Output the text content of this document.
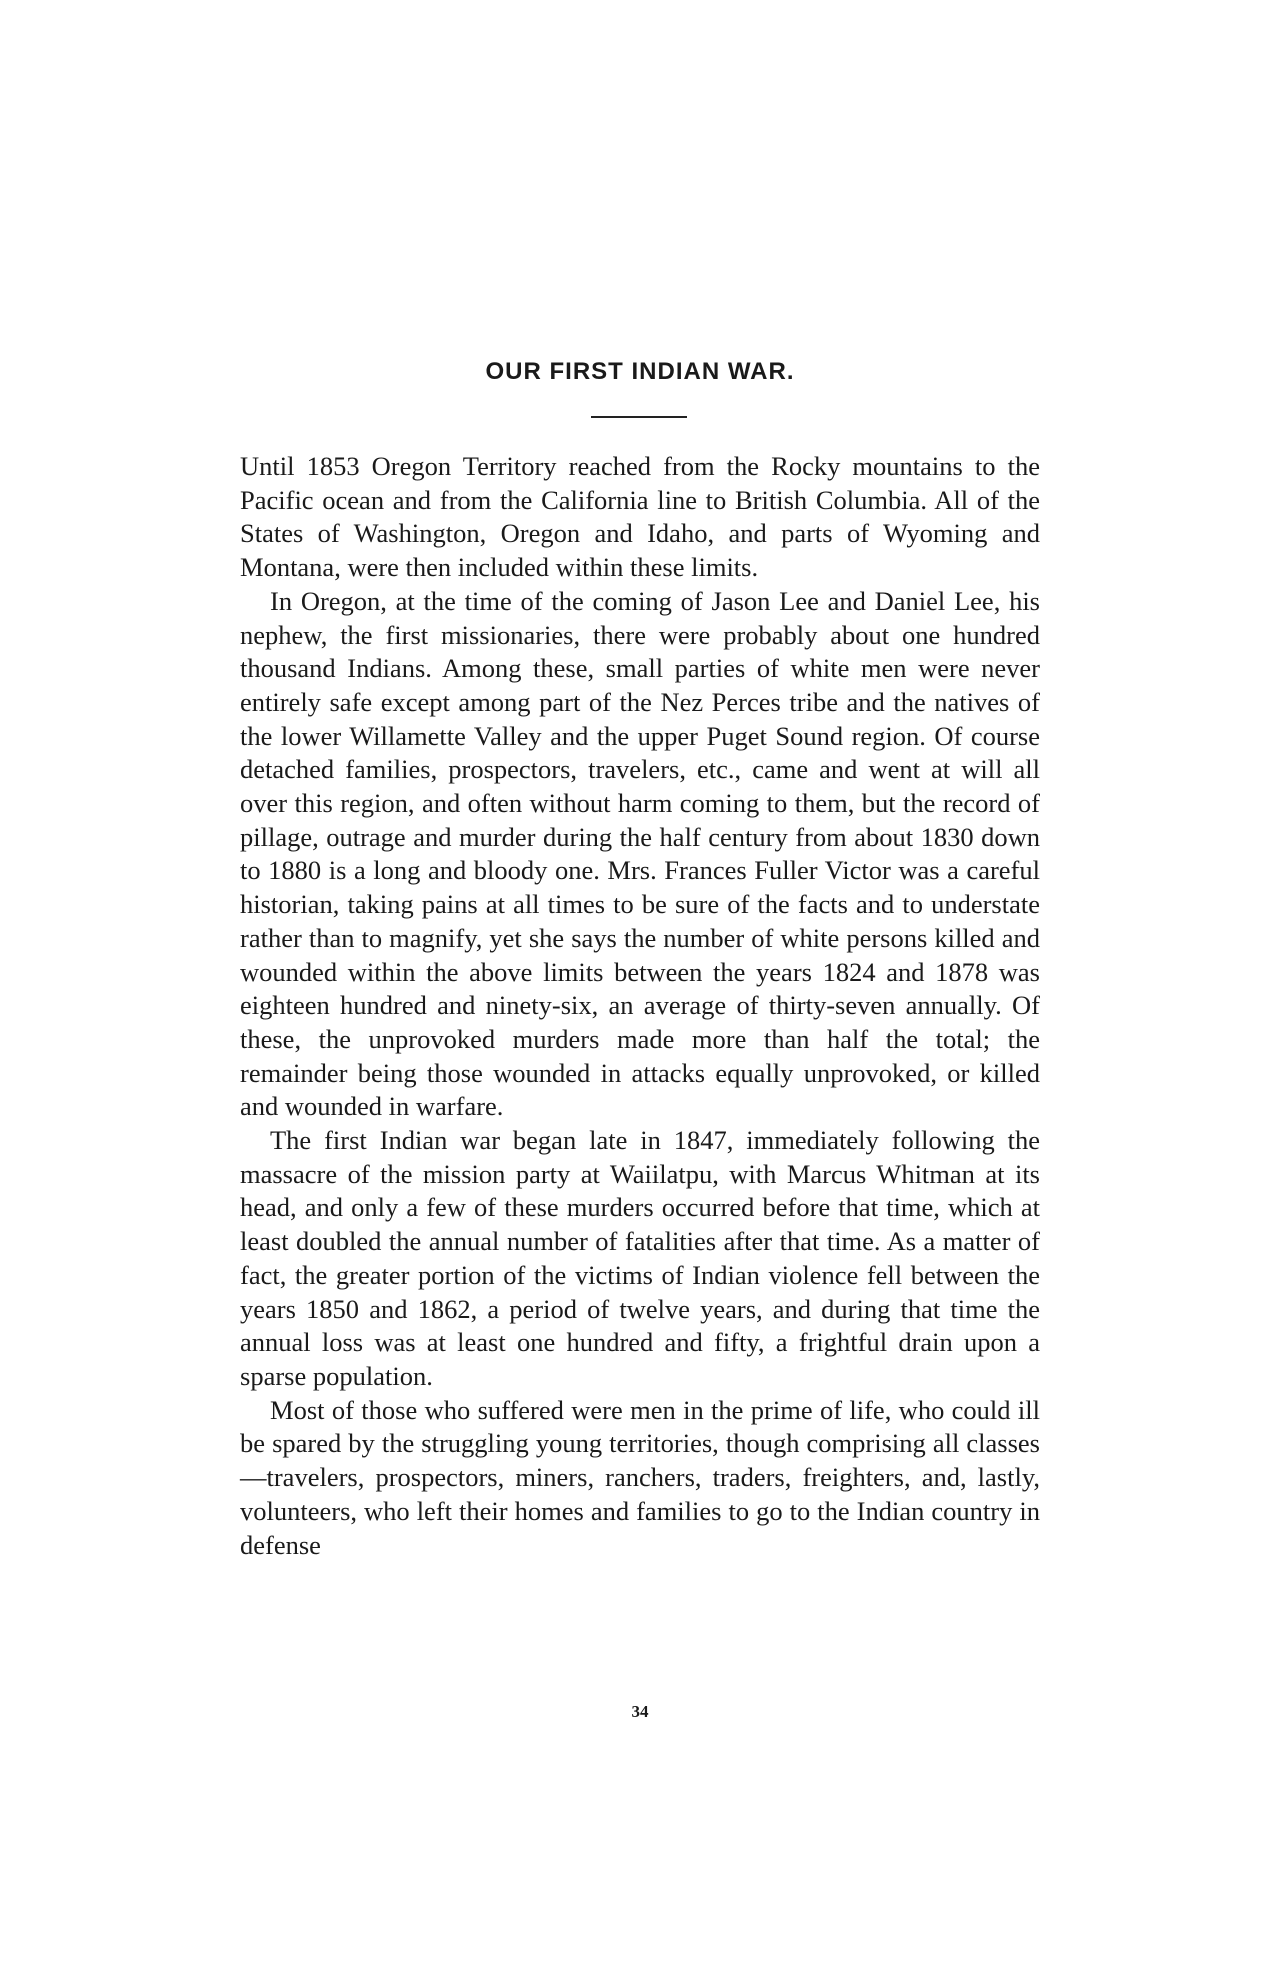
OUR FIRST INDIAN WAR.

Until 1853 Oregon Territory reached from the Rocky mountains to the Pacific ocean and from the California line to British Columbia. All of the States of Washington, Oregon and Idaho, and parts of Wyoming and Montana, were then included within these limits.

In Oregon, at the time of the coming of Jason Lee and Daniel Lee, his nephew, the first missionaries, there were probably about one hundred thousand Indians. Among these, small parties of white men were never entirely safe except among part of the Nez Perces tribe and the natives of the lower Willamette Valley and the upper Puget Sound region. Of course detached families, prospectors, travelers, etc., came and went at will all over this region, and often without harm coming to them, but the record of pillage, outrage and murder during the half century from about 1830 down to 1880 is a long and bloody one. Mrs. Frances Fuller Victor was a careful historian, taking pains at all times to be sure of the facts and to understate rather than to magnify, yet she says the number of white persons killed and wounded within the above limits between the years 1824 and 1878 was eighteen hundred and ninety-six, an average of thirty-seven annually. Of these, the unprovoked murders made more than half the total; the remainder being those wounded in attacks equally unprovoked, or killed and wounded in warfare.

The first Indian war began late in 1847, immediately following the massacre of the mission party at Waiilatpu, with Marcus Whitman at its head, and only a few of these murders occurred before that time, which at least doubled the annual number of fatalities after that time. As a matter of fact, the greater portion of the victims of Indian violence fell between the years 1850 and 1862, a period of twelve years, and during that time the annual loss was at least one hundred and fifty, a frightful drain upon a sparse population.

Most of those who suffered were men in the prime of life, who could ill be spared by the struggling young territories, though comprising all classes—travelers, prospectors, miners, ranchers, traders, freighters, and, lastly, volunteers, who left their homes and families to go to the Indian country in defense

34
